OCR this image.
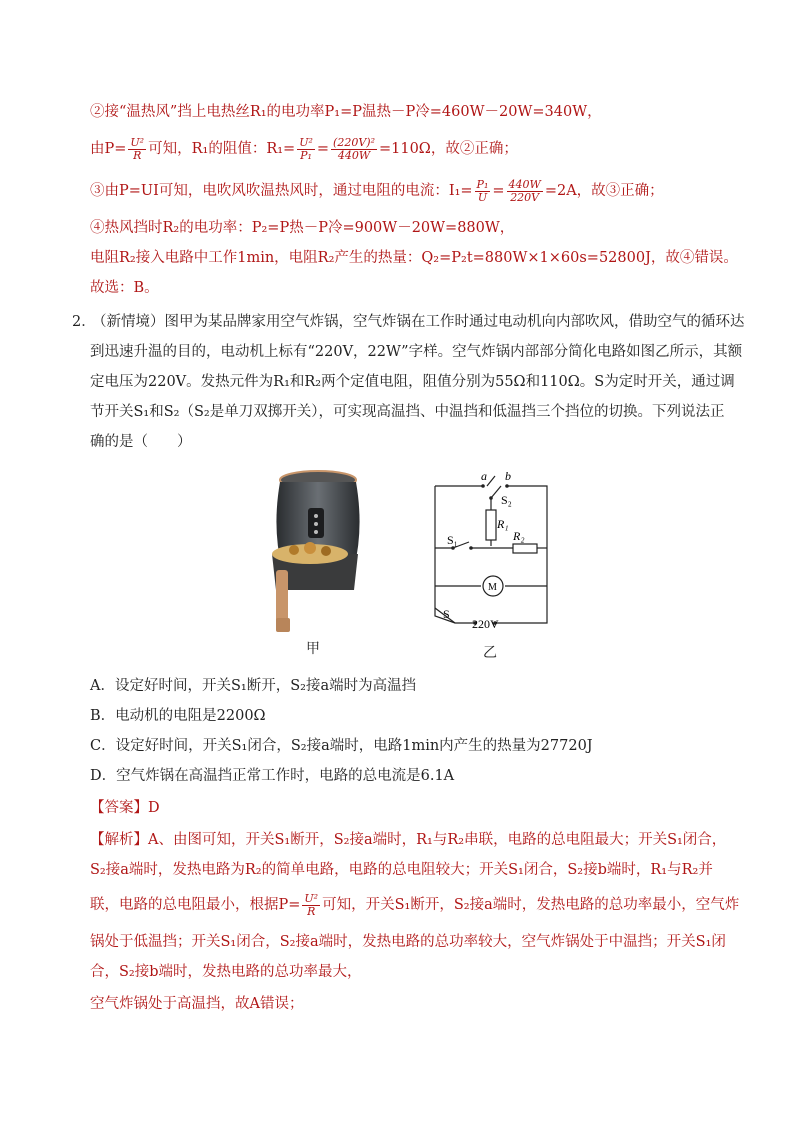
②接“温热风”挡上电热丝R₁的电功率P₁=P温热－P冷=460W－20W=340W，
由$P= \frac{\text{U²}}{R}$ 可知，R₁的阻值：$R_1= \frac{\text{U²}}{\text{P₁}} = \frac{\text{(220V)²}}{440W} =110\Omega$，故②正确；
③由P=UI可知，电吹风吹温热风时，通过电阻的电流：$I_1= \frac{\text{P₁}}{U} = \frac{440W}{220V} =2A$，故③正确；
④热风挡时R₂的电功率：P₂=P热－P冷=900W－20W=880W，
电阻R₂接入电路中工作1min，电阻R₂产生的热量：Q₂=P₂t=880W×1×60s=52800J，故④错误。
故选：B。
2．
（新情境）图甲为某品牌家用空气炸锅，空气炸锅在工作时通过电动机向内部吹风，借助空气的循环达
到迅速升温的目的，电动机上标有“220V，22W”字样。空气炸锅内部部分简化电路如图乙所示，其额
定电压为220V。发热元件为R₁和R₂两个定值电阻，阻值分别为55Ω和110Ω。S为定时开关，通过调
节开关S₁和S₂（S₂是单刀双掷开关），可实现高温挡、中温挡和低温挡三个挡位的切换。下列说法正
确的是（　　）
甲
a b
S₂
R₁
R₂
S₁
M
S
220V
乙
A．设定好时间，开关S₁断开，S₂接a端时为高温挡
B．电动机的电阻是2200Ω
C．设定好时间，开关S₁闭合，S₂接a端时，电路1min内产生的热量为27720J
D．空气炸锅在高温挡正常工作时，电路的总电流是6.1A
【答案】D
【解析】A、由图可知，开关S₁断开，S₂接a端时，R₁与R₂串联，电路的总电阻最大；开关S₁闭合，
S₂接a端时，发热电路为R₂的简单电路，电路的总电阻较大；开关S₁闭合，S₂接b端时，R₁与R₂并
联，电路的总电阻最小，根据$P= \frac{\text{U²}}{R}$ 可知，开关S₁断开，S₂接a端时，发热电路的总功率最小，空气炸
锅处于低温挡；开关S₁闭合，S₂接a端时，发热电路的总功率较大，空气炸锅处于中温挡；开关S₁闭
合，S₂接b端时，发热电路的总功率最大，
空气炸锅处于高温挡，故A错误；
